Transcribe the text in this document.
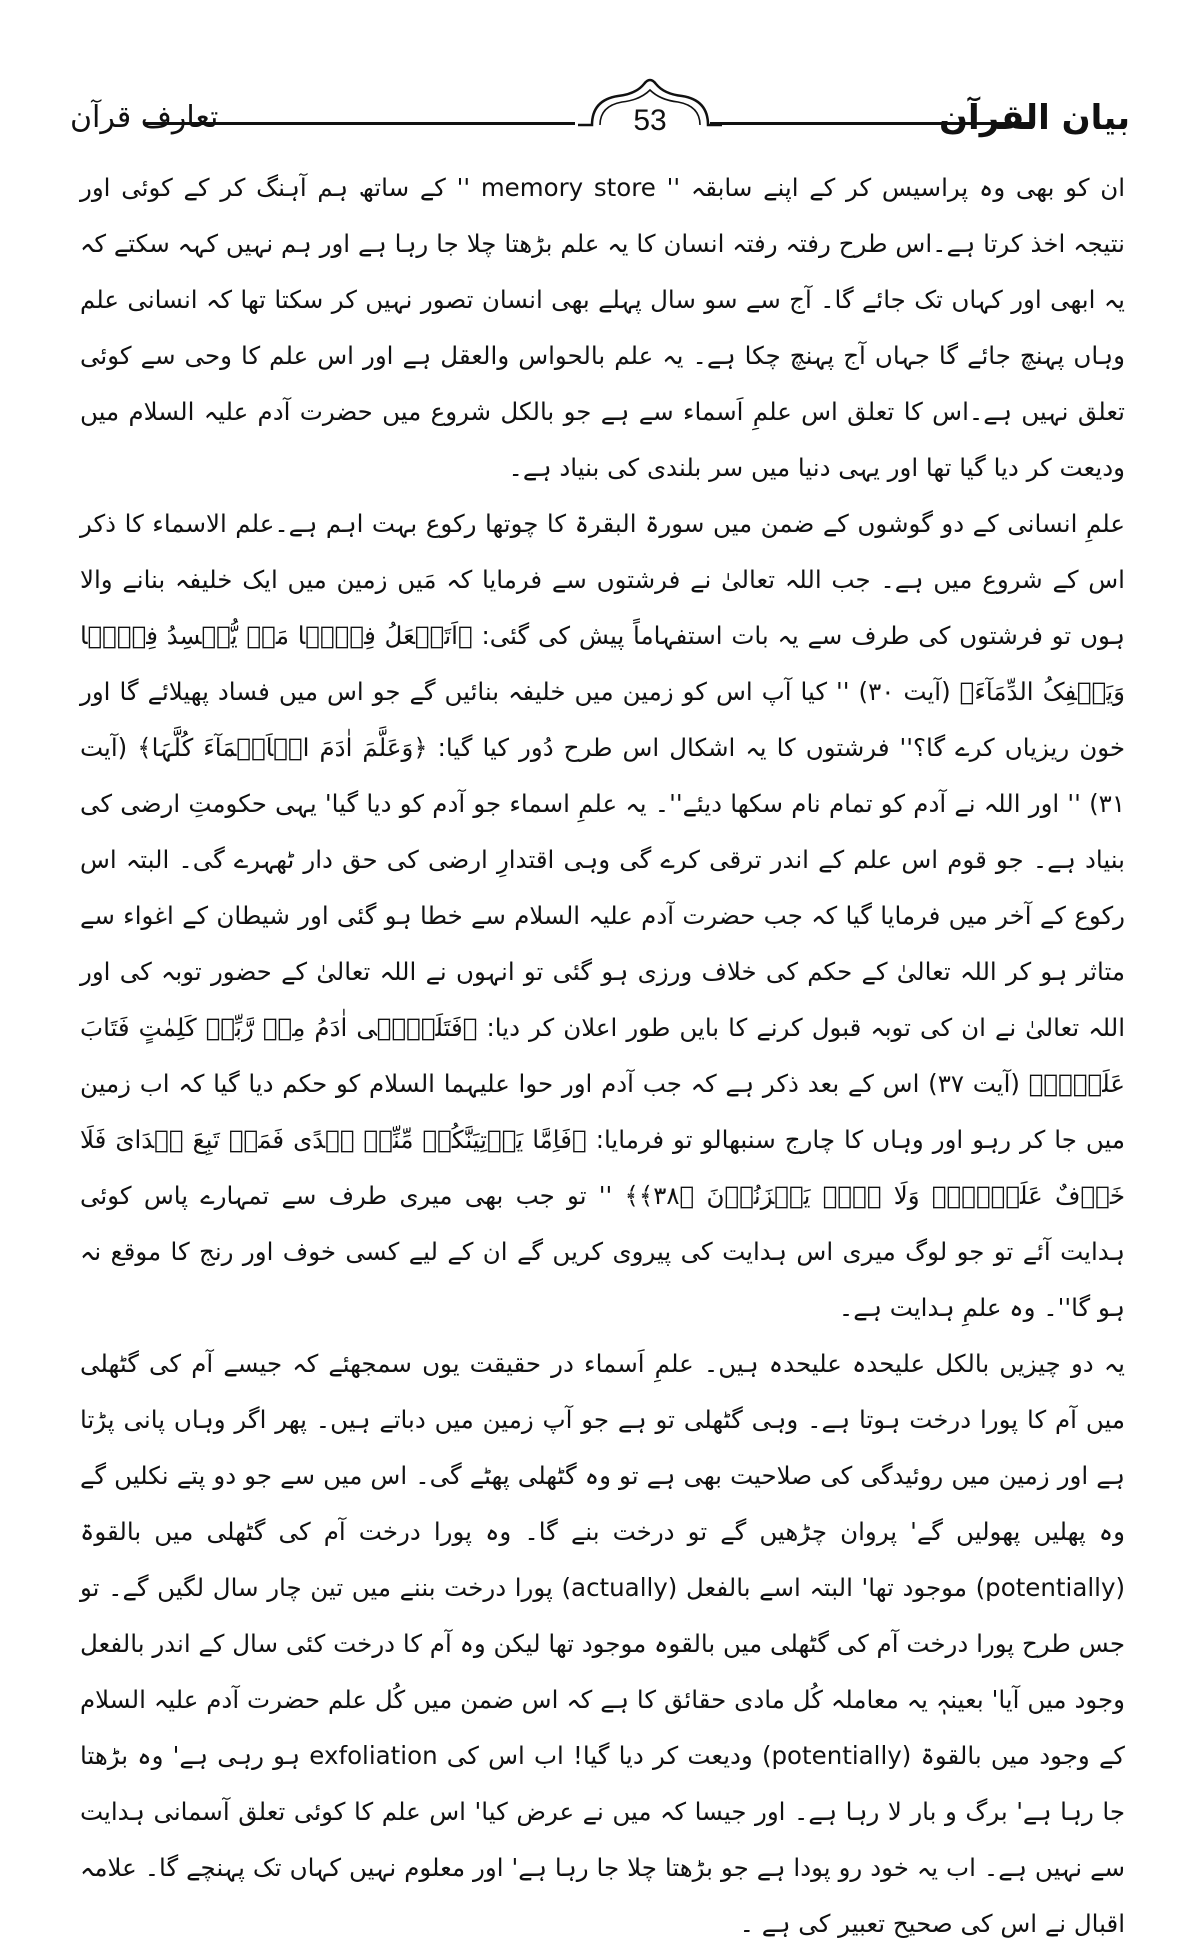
53	بیان القرآن
تعارف قرآن

ان کو بھی وہ پراسیس کر کے اپنے سابقہ '' memory store '' کے ساتھ ہم آہنگ کر کے کوئی اور نتیجہ اخذ کرتا ہے۔اس طرح رفتہ رفتہ انسان کا یہ علم بڑھتا چلا جا رہا ہے اور ہم نہیں کہہ سکتے کہ یہ ابھی اور کہاں تک جائے گا۔ آج سے سو سال پہلے بھی انسان تصور نہیں کر سکتا تھا کہ انسانی علم وہاں پہنچ جائے گا جہاں آج پہنچ چکا ہے۔ یہ علم بالحواس والعقل ہے اور اس علم کا وحی سے کوئی تعلق نہیں ہے۔اس کا تعلق اس علمِ اَسماء سے ہے جو بالکل شروع میں حضرت آدم علیہ السلام میں ودیعت کر دیا گیا تھا اور یہی دنیا میں سر بلندی کی بنیاد ہے۔

علمِ انسانی کے دو گوشوں کے ضمن میں سورۃ البقرۃ کا چوتھا رکوع بہت اہم ہے۔علم الاسماء کا ذکر اس کے شروع میں ہے۔ جب اللہ تعالیٰ نے فرشتوں سے فرمایا کہ مَیں زمین میں ایک خلیفہ بنانے والا ہوں تو فرشتوں کی طرف سے یہ بات استفہاماً پیش کی گئی: ﴿اَتَجۡعَلُ فِیۡہَا مَنۡ یُّفۡسِدُ فِیۡہَا وَیَسۡفِکُ الدِّمَآءَ﴾ (آیت ۳۰) '' کیا آپ اس کو زمین میں خلیفہ بنائیں گے جو اس میں فساد پھیلائے گا اور خون ریزیاں کرے گا؟'' فرشتوں کا یہ اشکال اس طرح دُور کیا گیا: ﴿وَعَلَّمَ اٰدَمَ الۡاَسۡمَآءَ کُلَّہَا﴾ (آیت ۳۱) '' اور اللہ نے آدم کو تمام نام سکھا دیئے''۔ یہ علمِ اسماء جو آدم کو دیا گیا' یہی حکومتِ ارضی کی بنیاد ہے۔ جو قوم اس علم کے اندر ترقی کرے گی وہی اقتدارِ ارضی کی حق دار ٹھہرے گی۔ البتہ اس رکوع کے آخر میں فرمایا گیا کہ جب حضرت آدم علیہ السلام سے خطا ہو گئی اور شیطان کے اغواء سے متاثر ہو کر اللہ تعالیٰ کے حکم کی خلاف ورزی ہو گئی تو انہوں نے اللہ تعالیٰ کے حضور توبہ کی اور اللہ تعالیٰ نے ان کی توبہ قبول کرنے کا بایں طور اعلان کر دیا: ﴿فَتَلَقّٰۤی اٰدَمُ مِنۡ رَّبِّہٖ کَلِمٰتٍ فَتَابَ عَلَیۡہِ﴾ (آیت ۳۷) اس کے بعد ذکر ہے کہ جب آدم اور حوا علیہما السلام کو حکم دیا گیا کہ اب زمین میں جا کر رہو اور وہاں کا چارج سنبھالو تو فرمایا: ﴿فَاِمَّا یَاۡتِیَنَّکُمۡ مِّنِّیۡ ہُدًی فَمَنۡ تَبِعَ ہُدَایَ فَلَا خَوۡفٌ عَلَیۡہِمۡ وَلَا ہُمۡ یَحۡزَنُوۡنَ ﴿۳۸﴾﴾ '' تو جب بھی میری طرف سے تمہارے پاس کوئی ہدایت آئے تو جو لوگ میری اس ہدایت کی پیروی کریں گے ان کے لیے کسی خوف اور رنج کا موقع نہ ہو گا''۔ وہ علمِ ہدایت ہے۔

یہ دو چیزیں بالکل علیحدہ علیحدہ ہیں۔ علمِ اَسماء در حقیقت یوں سمجھئے کہ جیسے آم کی گٹھلی میں آم کا پورا درخت ہوتا ہے۔ وہی گٹھلی تو ہے جو آپ زمین میں دباتے ہیں۔ پھر اگر وہاں پانی پڑتا ہے اور زمین میں روئیدگی کی صلاحیت بھی ہے تو وہ گٹھلی پھٹے گی۔ اس میں سے جو دو پتے نکلیں گے وہ پھلیں پھولیں گے' پروان چڑھیں گے تو درخت بنے گا۔ وہ پورا درخت آم کی گٹھلی میں بالقوۃ (potentially) موجود تھا' البتہ اسے بالفعل (actually) پورا درخت بننے میں تین چار سال لگیں گے۔ تو جس طرح پورا درخت آم کی گٹھلی میں بالقوہ موجود تھا لیکن وہ آم کا درخت کئی سال کے اندر بالفعل وجود میں آیا' بعینہٖ یہ معاملہ کُل مادی حقائق کا ہے کہ اس ضمن میں کُل علم حضرت آدم علیہ السلام کے وجود میں بالقوۃ (potentially) ودیعت کر دیا گیا! اب اس کی exfoliation ہو رہی ہے' وہ بڑھتا جا رہا ہے' برگ و بار لا رہا ہے۔ اور جیسا کہ میں نے عرض کیا' اس علم کا کوئی تعلق آسمانی ہدایت سے نہیں ہے۔ اب یہ خود رو پودا ہے جو بڑھتا چلا جا رہا ہے' اور معلوم نہیں کہاں تک پہنچے گا۔ علامہ اقبال نے اس کی صحیح تعبیر کی ہے ۔
